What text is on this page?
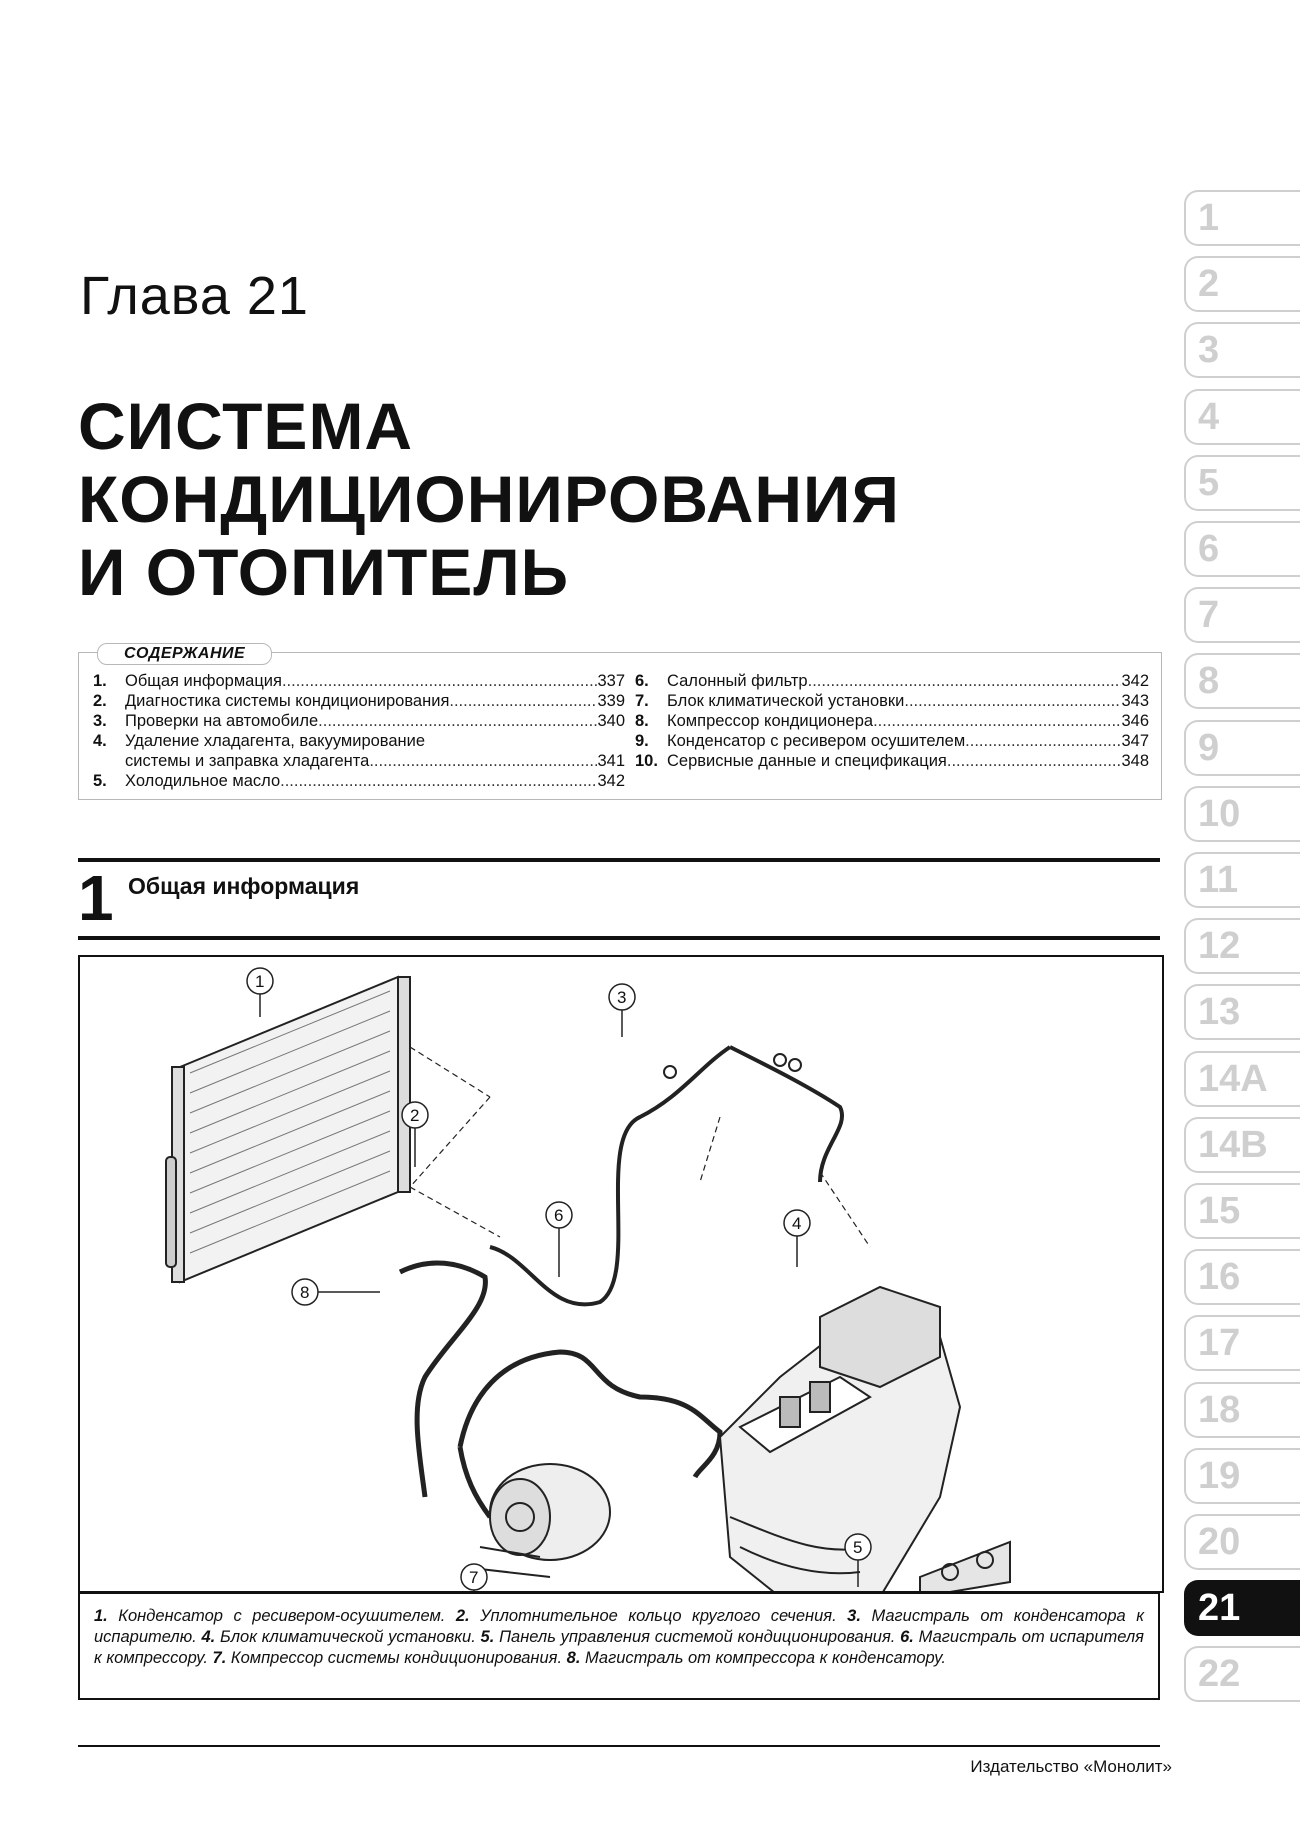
Глава 21
СИСТЕМА
КОНДИЦИОНИРОВАНИЯ
И ОТОПИТЕЛЬ
СОДЕРЖАНИЕ
1.	Общая информация .....	337
2.	Диагностика системы кондиционирования .....	339
3.	Проверки на автомобиле .....	340
4.	Удаление хладагента, вакуумирование
системы и заправка хладагента .....	341
5.	Холодильное масло .....	342
6.	Салонный фильтр .....	342
7.	Блок климатической установки .....	343
8.	Компрессор кондиционера .....	346
9.	Конденсатор с ресивером осушителем .....	347
10. Сервисные данные и спецификация .....	348
1 Общая информация
1
2
3
4
5
6
7
8
1. Конденсатор с ресивером-осушителем. 2. Уплотнительное кольцо круглого сечения. 3. Магистраль от конденсатора к испарителю. 4. Блок климатической установки. 5. Панель управления системой кондиционирования. 6. Магистраль от испарителя к компрессору. 7. Компрессор системы кондиционирования. 8. Магистраль от компрессора к конденсатору.
Издательство «Монолит»
1
2
3
4
5
6
7
8
9
10
11
12
13
14A
14B
15
16
17
18
19
20
21
22
